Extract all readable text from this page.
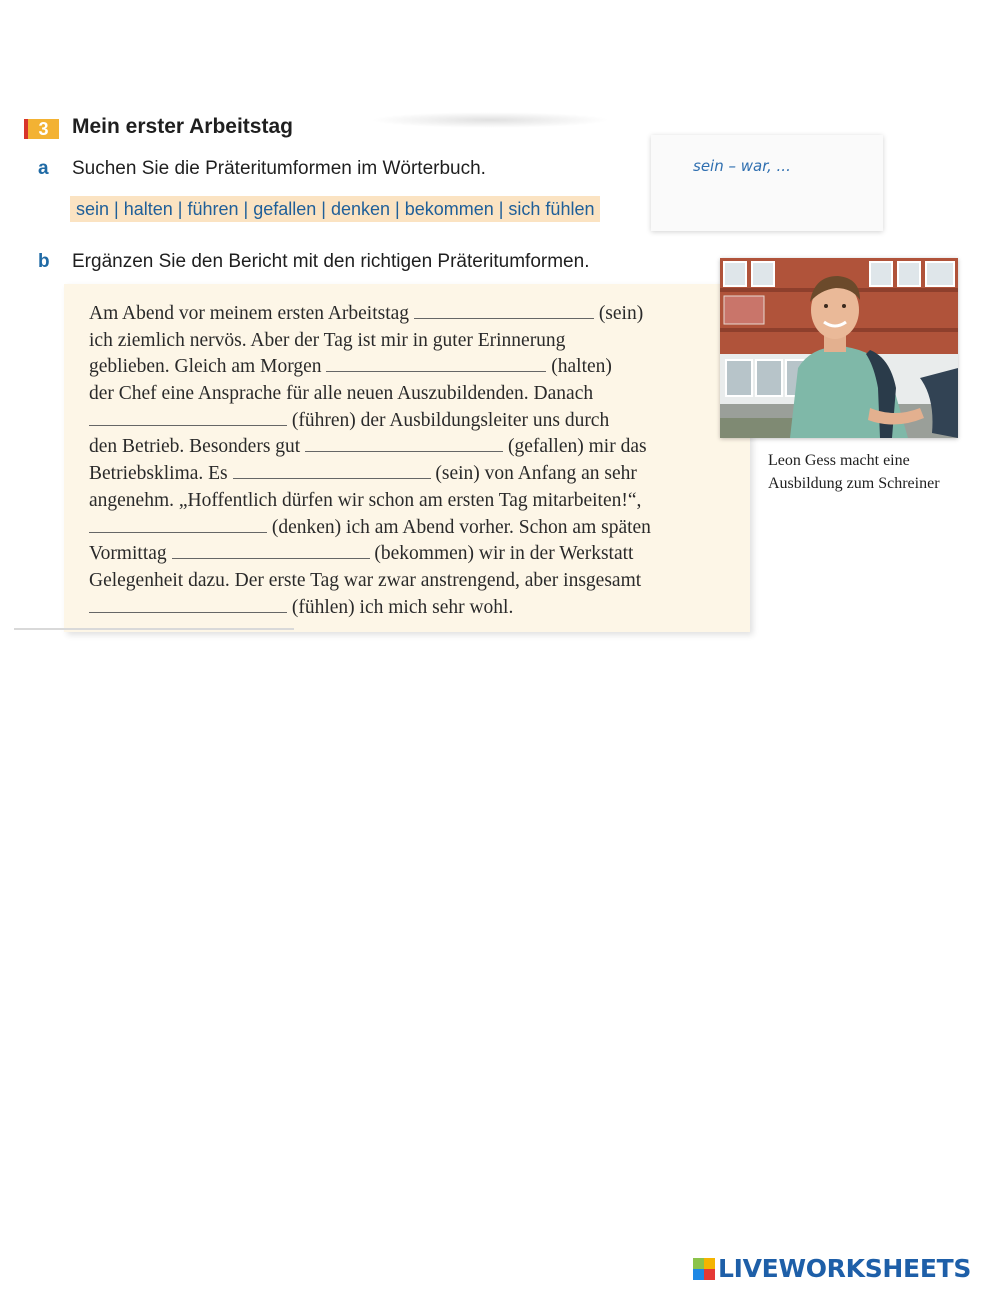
3	Mein erster Arbeitstag
a Suchen Sie die Präteritumformen im Wörterbuch.
sein | halten | führen | gefallen | denken | bekommen | sich fühlen
sein – war, ...
b Ergänzen Sie den Bericht mit den richtigen Präteritumformen.
Am Abend vor meinem ersten Arbeitstag	(sein)
ich ziemlich nervös. Aber der Tag ist mir in guter Erinnerung
geblieben. Gleich am Morgen	(halten)
der Chef eine Ansprache für alle neuen Auszubildenden. Danach
(führen) der Ausbildungsleiter uns durch
den Betrieb. Besonders gut	(gefallen) mir das
Betriebsklima. Es	(sein) von Anfang an sehr
angenehm. „Hoffentlich dürfen wir schon am ersten Tag mitarbeiten!“,
(denken) ich am Abend vorher. Schon am späten
Vormittag	(bekommen) wir in der Werkstatt
Gelegenheit dazu. Der erste Tag war zwar anstrengend, aber insgesamt
(fühlen) ich mich sehr wohl.
Leon Gess macht eine
Ausbildung zum Schreiner
LIVEWORKSHEETS
